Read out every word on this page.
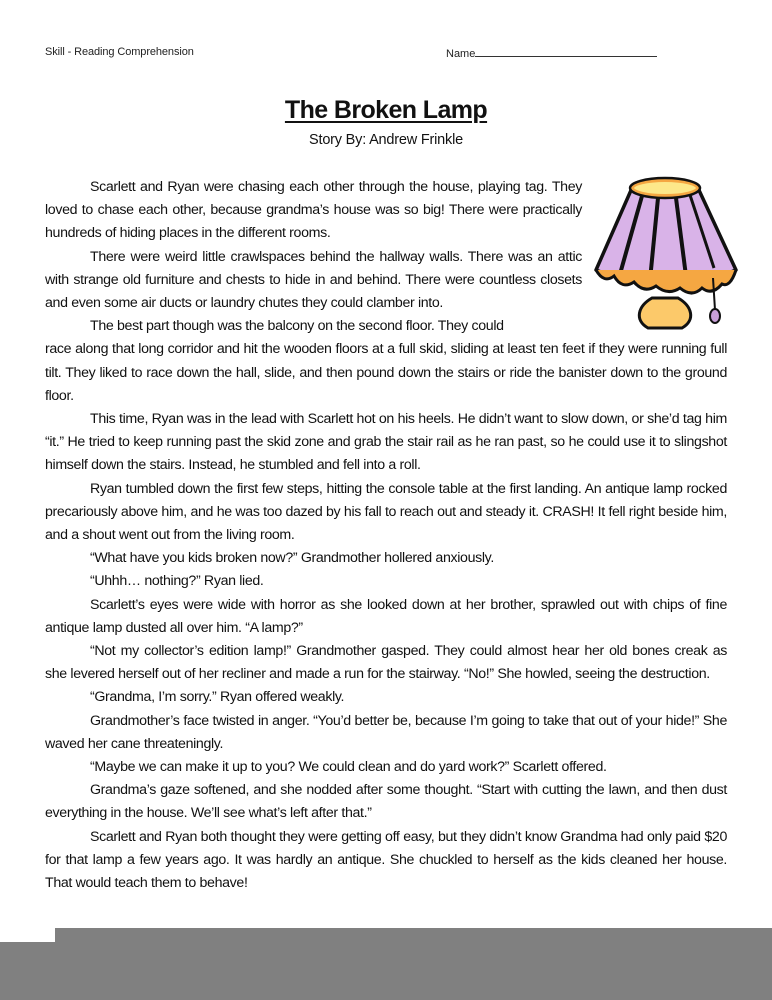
Skill - Reading Comprehension	Name
The Broken Lamp
Story By: Andrew Frinkle

Scarlett and Ryan were chasing each other through the house, playing tag. They loved to chase each other, because grandma’s house was so big! There were practically hundreds of hiding places in the different rooms.

There were weird little crawlspaces behind the hallway walls. There was an attic with strange old furniture and chests to hide in and behind. There were countless closets and even some air ducts or laundry chutes they could clamber into.

The best part though was the balcony on the second floor. They could

race along that long corridor and hit the wooden floors at a full skid, sliding at least ten feet if they were running full tilt. They liked to race down the hall, slide, and then pound down the stairs or ride the banister down to the ground floor.

This time, Ryan was in the lead with Scarlett hot on his heels. He didn’t want to slow down, or she’d tag him “it.” He tried to keep running past the skid zone and grab the stair rail as he ran past, so he could use it to slingshot himself down the stairs. Instead, he stumbled and fell into a roll.

Ryan tumbled down the first few steps, hitting the console table at the first landing. An antique lamp rocked precariously above him, and he was too dazed by his fall to reach out and steady it. CRASH! It fell right beside him, and a shout went out from the living room.

“What have you kids broken now?” Grandmother hollered anxiously.

“Uhhh… nothing?” Ryan lied.

Scarlett’s eyes were wide with horror as she looked down at her brother, sprawled out with chips of fine antique lamp dusted all over him. “A lamp?”

“Not my collector’s edition lamp!” Grandmother gasped. They could almost hear her old bones creak as she levered herself out of her recliner and made a run for the stairway. “No!” She howled, seeing the destruction.

“Grandma, I’m sorry.” Ryan offered weakly.

Grandmother’s face twisted in anger. “You’d better be, because I’m going to take that out of your hide!” She waved her cane threateningly.

“Maybe we can make it up to you? We could clean and do yard work?” Scarlett offered.

Grandma’s gaze softened, and she nodded after some thought. “Start with cutting the lawn, and then dust everything in the house. We’ll see what’s left after that.”

Scarlett and Ryan both thought they were getting off easy, but they didn’t know Grandma had only paid $20 for that lamp a few years ago. It was hardly an antique. She chuckled to herself as the kids cleaned her house. That would teach them to behave!
